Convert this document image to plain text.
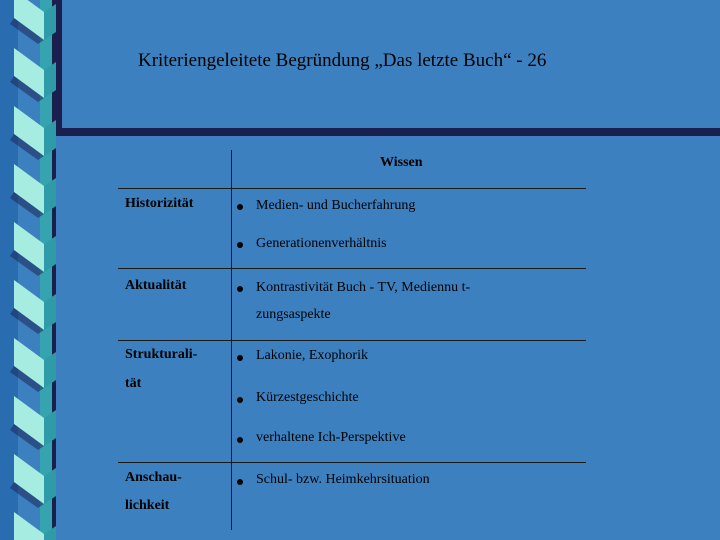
Kriteriengeleitete Begründung „Das letzte Buch“ - 26
Wissen
Historizität	Medien- und Bucherfahrung
Generationenverhältnis
Aktualität	Kontrastivität Buch - TV, Mediennu t-
zungsaspekte
Strukturali-
tät
Lakonie, Exophorik
Kürzestgeschichte
verhaltene Ich-Perspektive
Anschau-
lichkeit
Schul- bzw. Heimkehrsituation
